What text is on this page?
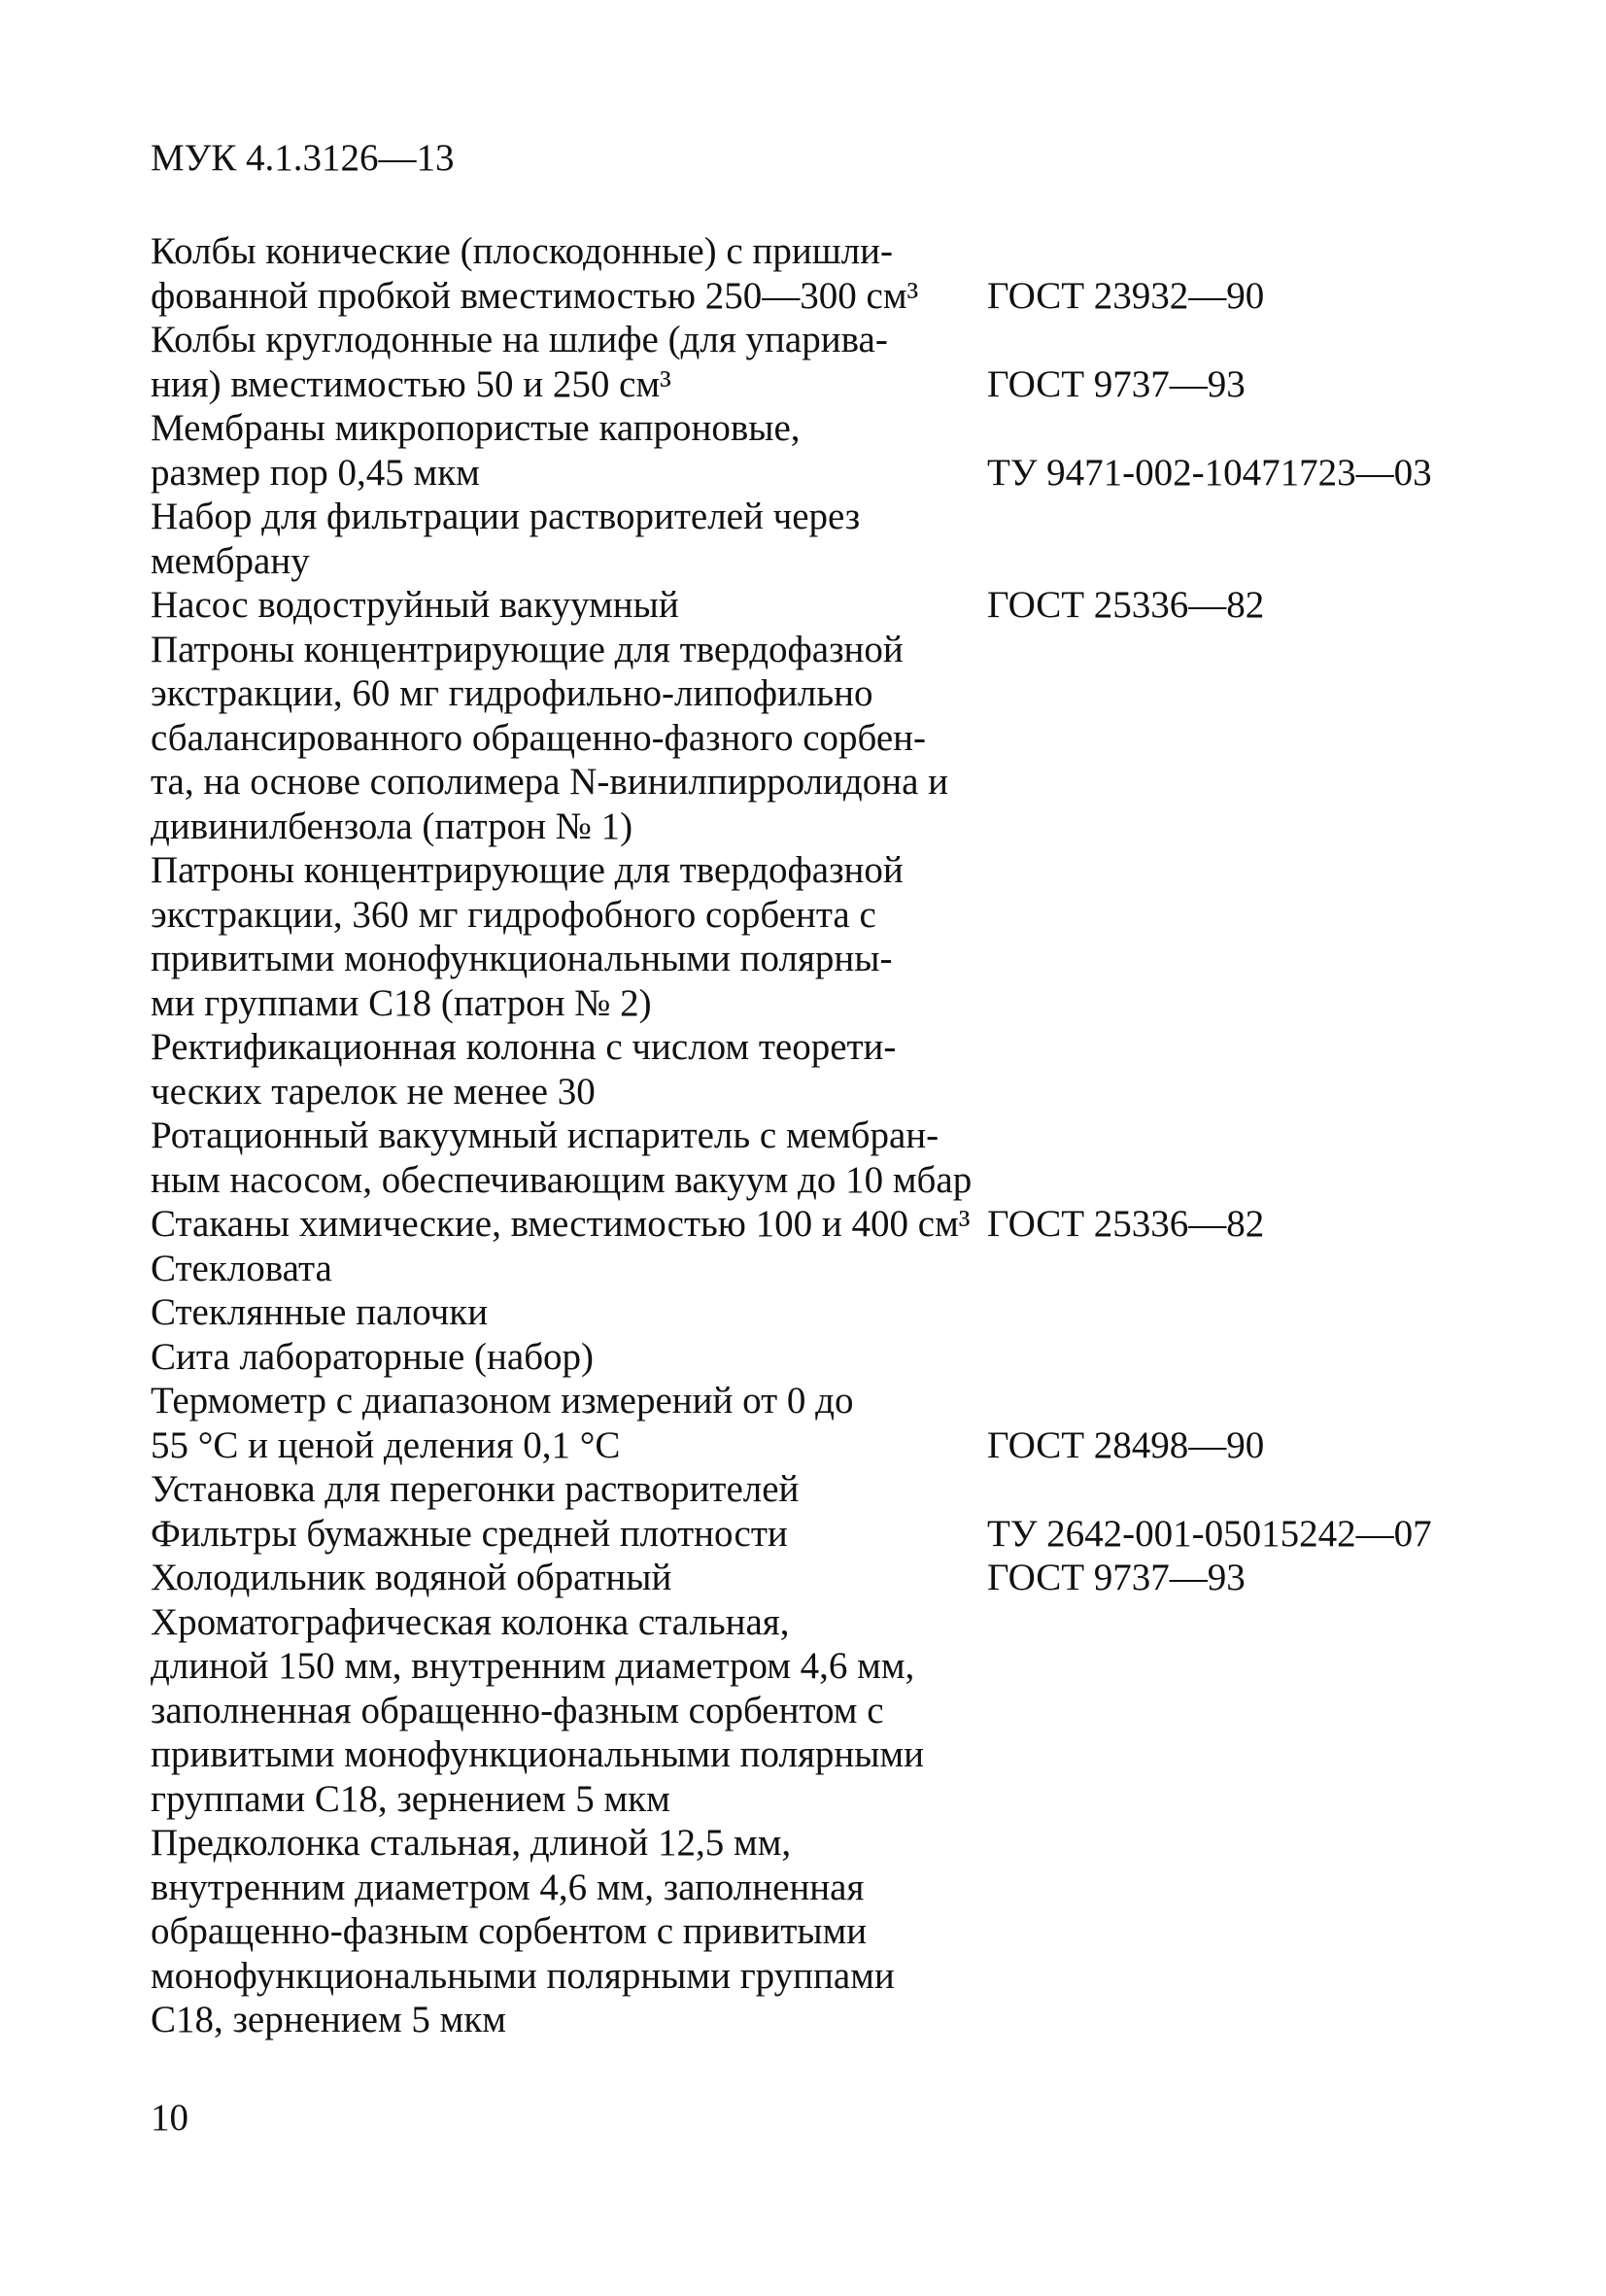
МУК 4.1.3126—13
Колбы конические (плоскодонные) с пришли-
фованной пробкой вместимостью 250—300 см³	ГОСТ 23932—90
Колбы круглодонные на шлифе (для упарива-
ния) вместимостью 50 и 250 см³	ГОСТ 9737—93
Мембраны микропористые капроновые,
размер пор 0,45 мкм	ТУ 9471-002-10471723—03
Набор для фильтрации растворителей через
мембрану
Насос водоструйный вакуумный	ГОСТ 25336—82
Патроны концентрирующие для твердофазной
экстракции, 60 мг гидрофильно-липофильно
сбалансированного обращенно-фазного сорбен-
та, на основе сополимера N-винилпирролидона и
дивинилбензола (патрон № 1)
Патроны концентрирующие для твердофазной
экстракции, 360 мг гидрофобного сорбента с
привитыми монофункциональными полярны-
ми группами С18 (патрон № 2)
Ректификационная колонна с числом теорети-
ческих тарелок не менее 30
Ротационный вакуумный испаритель с мембран-
ным насосом, обеспечивающим вакуум до 10 мбар
Стаканы химические, вместимостью 100 и 400 см³ ГОСТ 25336—82
Стекловата
Стеклянные палочки
Сита лабораторные (набор)
Термометр с диапазоном измерений от 0 до
55 °С и ценой деления 0,1 °С	ГОСТ 28498—90
Установка для перегонки растворителей
Фильтры бумажные средней плотности	ТУ 2642-001-05015242—07
Холодильник водяной обратный	ГОСТ 9737—93
Хроматографическая колонка стальная,
длиной 150 мм, внутренним диаметром 4,6 мм,
заполненная обращенно-фазным сорбентом с
привитыми монофункциональными полярными
группами С18, зернением 5 мкм
Предколонка стальная, длиной 12,5 мм,
внутренним диаметром 4,6 мм, заполненная
обращенно-фазным сорбентом с привитыми
монофункциональными полярными группами
С18, зернением 5 мкм
10
